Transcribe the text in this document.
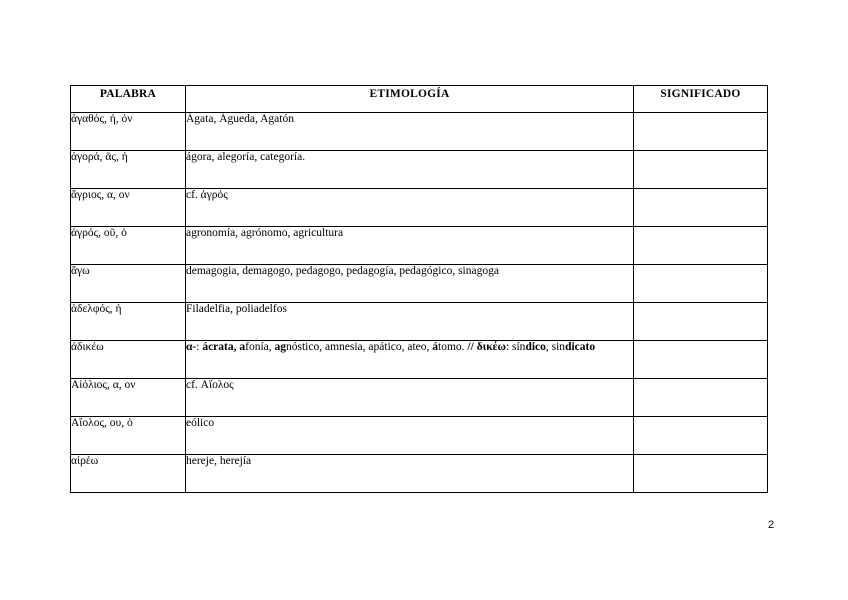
PALABRA	ETIMOLOGÍA	SIGNIFICADO
ἀγαθός, ή, όν	Ágata, Águeda, Agatón	
ἀγορά, ᾶς, ἡ	ágora, alegoría, categoría.	
ἄγριος, α, ον	cf. ἀγρός	
ἀγρός, οῦ, ὁ	agronomía, agrónomo, agricultura	
ἄγω	demagogia, demagogo, pedagogo, pedagogía, pedagógico, sinagoga	
ἀδελφός, ἡ	Filadelfia, poliadelfos	
ἀδικέω	α-: ácrata, afonía, agnóstico, amnesia, apático, ateo, átomo. // δικέω: síndico, sindicato	
Αἰόλιος, α, ον	cf. Αἴολος	
Αἴολος, ου, ὁ	eólico	
αἱρέω	hereje, herejía	
2
